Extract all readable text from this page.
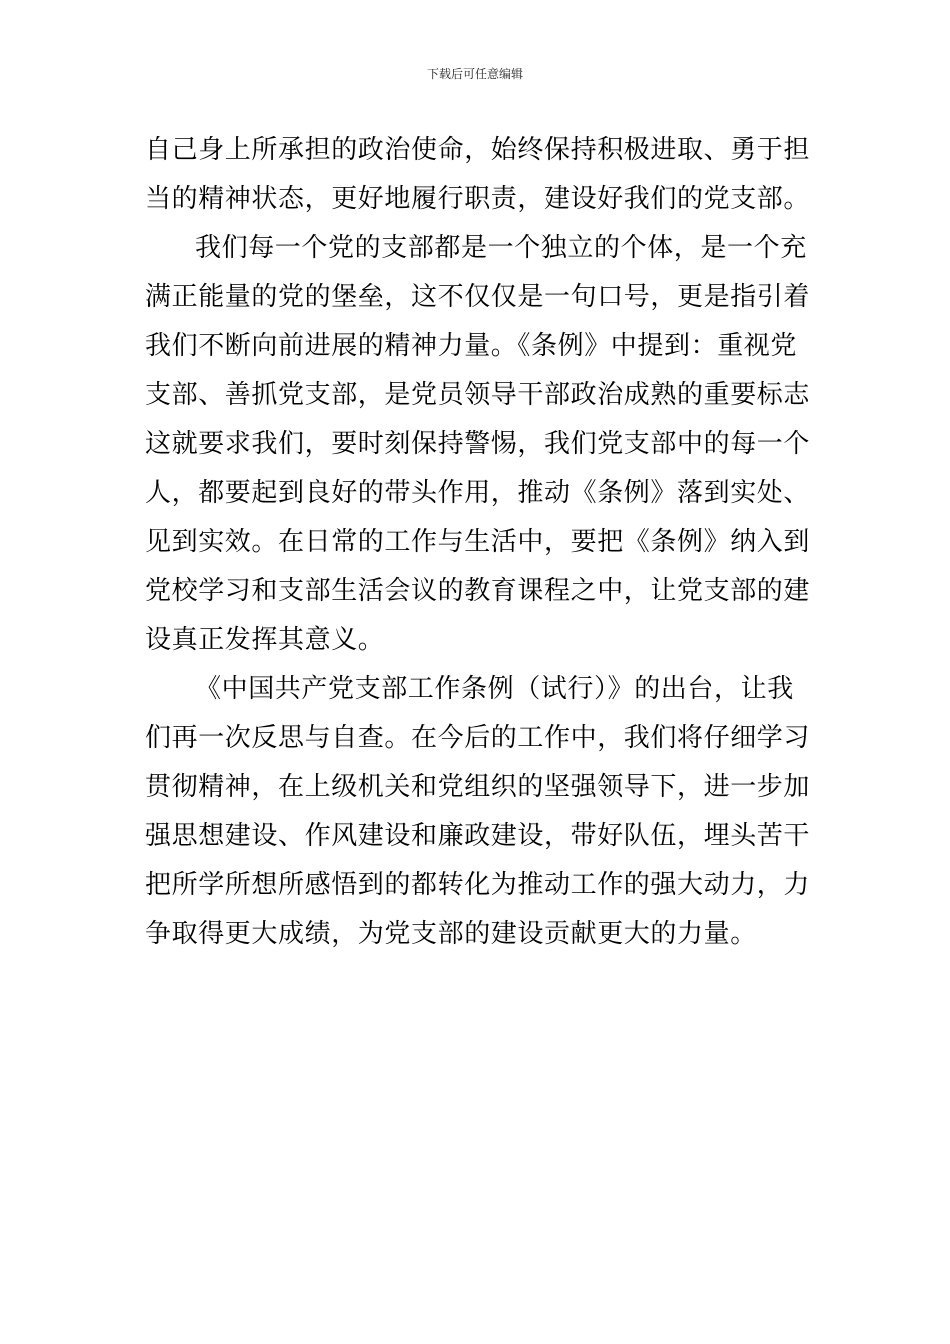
下载后可任意编辑
自己身上所承担的政治使命，始终保持积极进取、勇于担
当的精神状态，更好地履行职责，建设好我们的党支部。
我们每一个党的支部都是一个独立的个体，是一个充
满正能量的党的堡垒，这不仅仅是一句口号，更是指引着
我们不断向前进展的精神力量。《条例》中提到：重视党
支部、善抓党支部，是党员领导干部政治成熟的重要标志
这就要求我们，要时刻保持警惕，我们党支部中的每一个
人，都要起到良好的带头作用，推动《条例》落到实处、
见到实效。在日常的工作与生活中，要把《条例》纳入到
党校学习和支部生活会议的教育课程之中，让党支部的建
设真正发挥其意义。
《中国共产党支部工作条例（试行）》的出台，让我
们再一次反思与自查。在今后的工作中，我们将仔细学习
贯彻精神，在上级机关和党组织的坚强领导下，进一步加
强思想建设、作风建设和廉政建设，带好队伍，埋头苦干
把所学所想所感悟到的都转化为推动工作的强大动力，力
争取得更大成绩，为党支部的建设贡献更大的力量。
